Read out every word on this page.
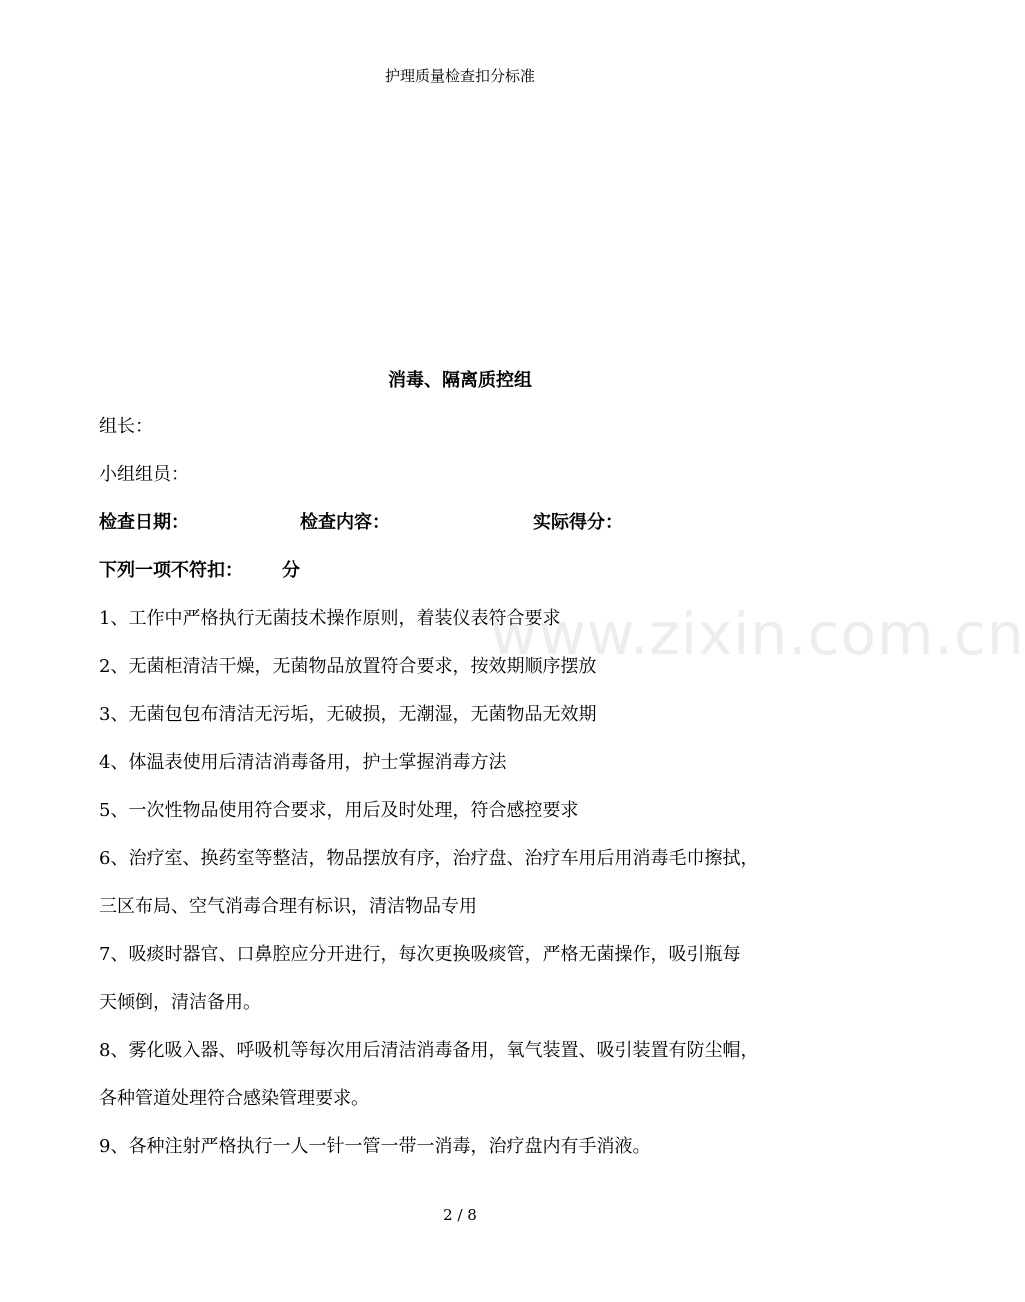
护理质量检查扣分标准
消毒、隔离质控组
组长：
小组组员：
检查日期：	检查内容：	实际得分：
下列一项不符扣： 分
www.zixin.com.cn
1、工作中严格执行无菌技术操作原则，着装仪表符合要求
2、无菌柜清洁干燥，无菌物品放置符合要求，按效期顺序摆放
3、无菌包包布清洁无污垢，无破损，无潮湿，无菌物品无效期
4、体温表使用后清洁消毒备用，护士掌握消毒方法
5、一次性物品使用符合要求，用后及时处理，符合感控要求
6、治疗室、换药室等整洁，物品摆放有序，治疗盘、治疗车用后用消毒毛巾擦拭，
三区布局、空气消毒合理有标识，清洁物品专用
7、吸痰时器官、口鼻腔应分开进行，每次更换吸痰管，严格无菌操作，吸引瓶每
天倾倒，清洁备用。
8、雾化吸入器、呼吸机等每次用后清洁消毒备用，氧气装置、吸引装置有防尘帽，
各种管道处理符合感染管理要求。
9、各种注射严格执行一人一针一管一带一消毒，治疗盘内有手消液。
2 / 8
